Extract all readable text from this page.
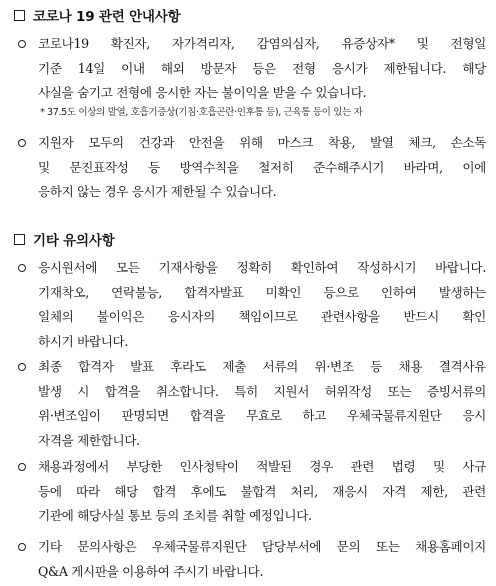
코로나 19 관련 안내사항
코로나19 확진자, 자가격리자, 감염의심자, 유증상자* 및 전형일
기준 14일 이내 해외 방문자 등은 전형 응시가 제한됩니다. 해당
사실을 숨기고 전형에 응시한 자는 불이익을 받을 수 있습니다.
* 37.5도 이상의 발열, 호흡기증상(기침·호흡곤란·인후통 등), 근육통 등이 있는 자
지원자 모두의 건강과 안전을 위해 마스크 착용, 발열 체크, 손소독
및 문진표작성 등 방역수칙을 철저히 준수해주시기 바라며, 이에
응하지 않는 경우 응시가 제한될 수 있습니다.
기타 유의사항
응시원서에 모든 기재사항을 정확히 확인하여 작성하시기 바랍니다.
기재착오, 연락불능, 합격자발표 미확인 등으로 인하여 발생하는
일체의 불이익은 응시자의 책임이므로 관련사항을 반드시 확인
하시기 바랍니다.
최종 합격자 발표 후라도 제출 서류의 위·변조 등 채용 결격사유
발생 시 합격을 취소합니다. 특히 지원서 허위작성 또는 증빙서류의
위·변조임이 판명되면 합격을 무효로 하고 우체국물류지원단 응시
자격을 제한합니다.
채용과정에서 부당한 인사청탁이 적발된 경우 관련 법령 및 사규
등에 따라 해당 합격 후에도 불합격 처리, 재응시 자격 제한, 관련
기관에 해당사실 통보 등의 조치를 취할 예정입니다.
기타 문의사항은 우체국물류지원단 담당부서에 문의 또는 채용홈페이지
Q&A 게시판을 이용하여 주시기 바랍니다.
